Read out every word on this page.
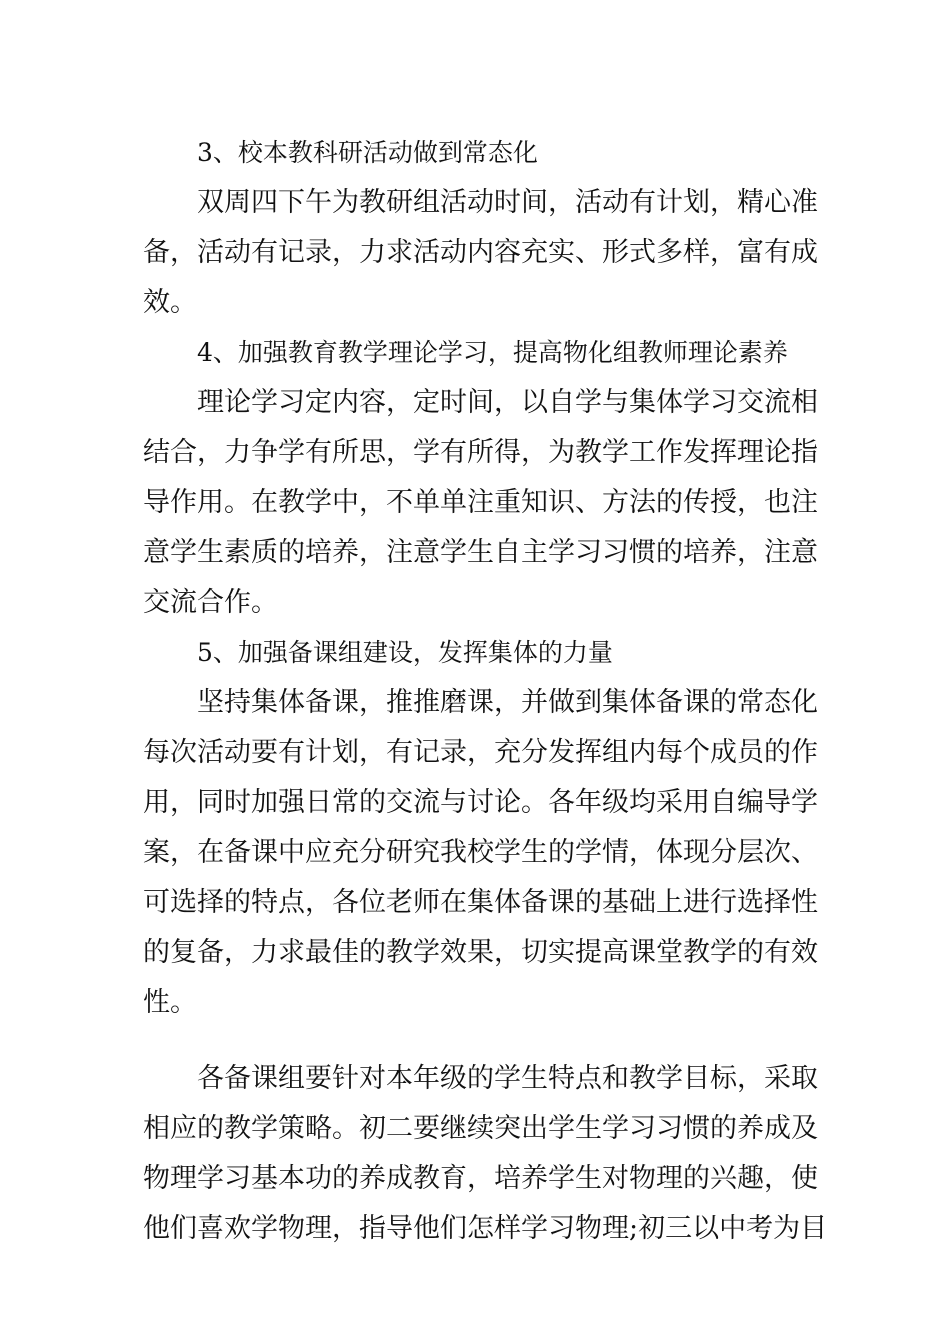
3、校本教科研活动做到常态化
双周四下午为教研组活动时间，活动有计划，精心准
备，活动有记录，力求活动内容充实、形式多样，富有成
效。
4、加强教育教学理论学习，提高物化组教师理论素养
理论学习定内容，定时间，以自学与集体学习交流相
结合，力争学有所思，学有所得，为教学工作发挥理论指
导作用。在教学中，不单单注重知识、方法的传授，也注
意学生素质的培养，注意学生自主学习习惯的培养，注意
交流合作。
5、加强备课组建设，发挥集体的力量
坚持集体备课，推推磨课，并做到集体备课的常态化
每次活动要有计划，有记录，充分发挥组内每个成员的作
用，同时加强日常的交流与讨论。各年级均采用自编导学
案，在备课中应充分研究我校学生的学情，体现分层次、
可选择的特点，各位老师在集体备课的基础上进行选择性
的复备，力求最佳的教学效果，切实提高课堂教学的有效
性。
各备课组要针对本年级的学生特点和教学目标，采取
相应的教学策略。初二要继续突出学生学习习惯的养成及
物理学习基本功的养成教育，培养学生对物理的兴趣，使
他们喜欢学物理，指导他们怎样学习物理;初三以中考为目
